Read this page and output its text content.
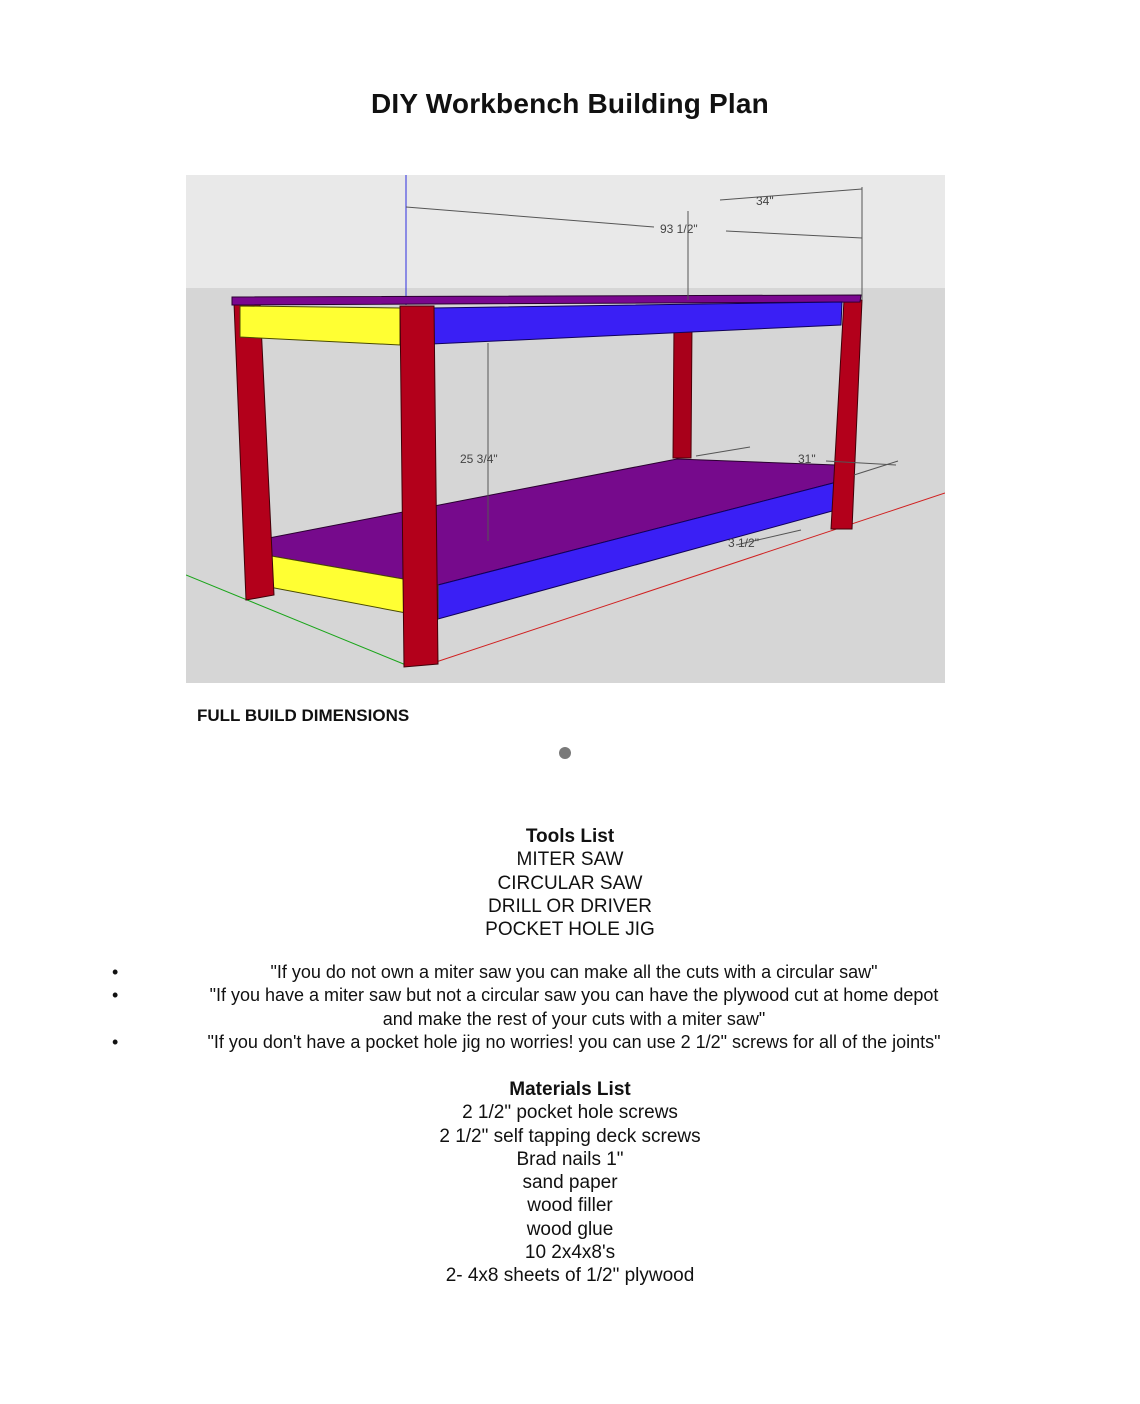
DIY Workbench Building Plan
93 1/2"
34"
25 3/4"	31"
3 1/2"
FULL BUILD DIMENSIONS
Tools List
MITER SAW
CIRCULAR SAW
DRILL OR DRIVER
POCKET HOLE JIG
•	"If you do not own a miter saw you can make all the cuts with a circular saw"
•	"If you have a miter saw but not a circular saw you can have the plywood cut at home depot
and make the rest of your cuts with a miter saw"
•	"If you don't have a pocket hole jig no worries! you can use 2 1/2" screws for all of the joints"
Materials List
2 1/2" pocket hole screws
2 1/2" self tapping deck screws
Brad nails 1"
sand paper
wood filler
wood glue
10 2x4x8's
2- 4x8 sheets of 1/2" plywood
